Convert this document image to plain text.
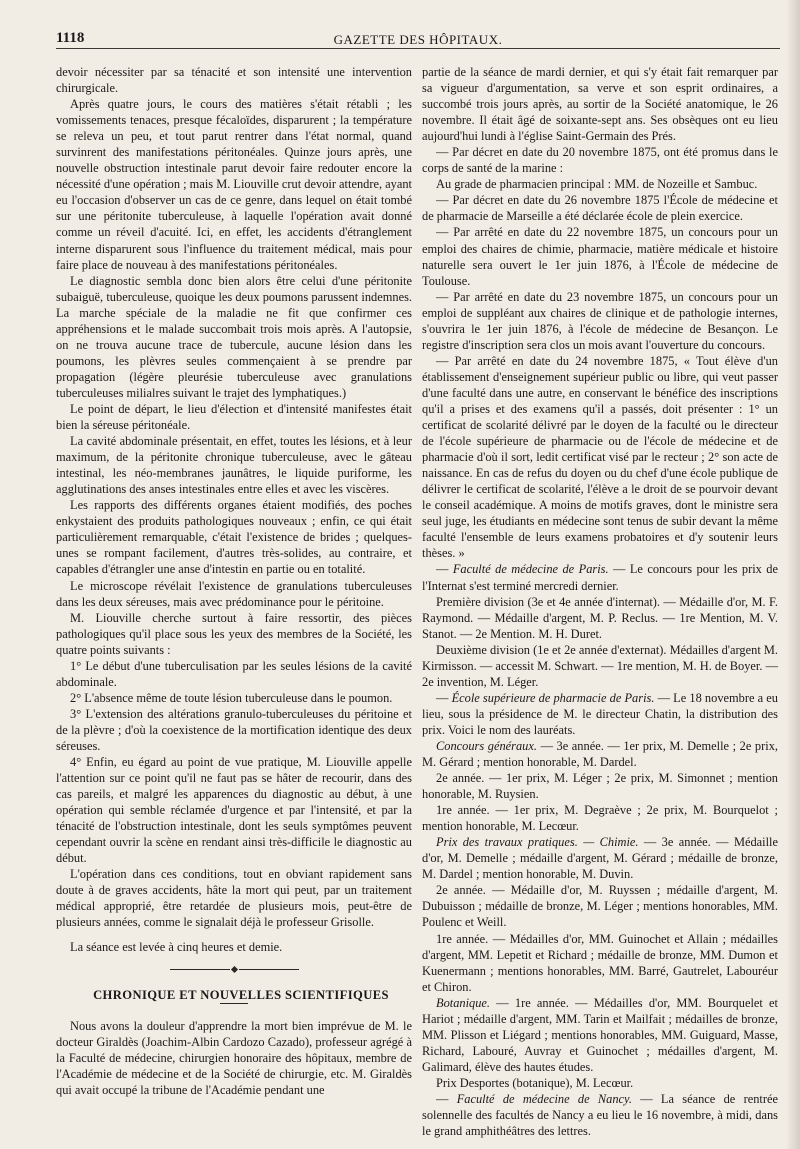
1118	GAZETTE DES HÔPITAUX.

devoir nécessiter par sa ténacité et son intensité une intervention chirurgicale.

Après quatre jours, le cours des matières s'était rétabli ; les vomissements tenaces, presque fécaloïdes, disparurent ; la température se releva un peu, et tout parut rentrer dans l'état normal, quand survinrent des manifestations péritonéales. Quinze jours après, une nouvelle obstruction intestinale parut devoir faire redouter encore la nécessité d'une opération ; mais M. Liouville crut devoir attendre, ayant eu l'occasion d'observer un cas de ce genre, dans lequel on était tombé sur une péritonite tuberculeuse, à laquelle l'opération avait donné comme un réveil d'acuité. Ici, en effet, les accidents d'étranglement interne disparurent sous l'influence du traitement médical, mais pour faire place de nouveau à des manifestations péritonéales.

Le diagnostic sembla donc bien alors être celui d'une péritonite subaiguë, tuberculeuse, quoique les deux poumons parussent indemnes. La marche spéciale de la maladie ne fit que confirmer ces appréhensions et le malade succombait trois mois après. A l'autopsie, on ne trouva aucune trace de tubercule, aucune lésion dans les poumons, les plèvres seules commençaient à se prendre par propagation (légère pleurésie tuberculeuse avec granulations tuberculeuses milialres suivant le trajet des lymphatiques.)

Le point de départ, le lieu d'élection et d'intensité manifestes était bien la séreuse péritonéale.

La cavité abdominale présentait, en effet, toutes les lésions, et à leur maximum, de la péritonite chronique tuberculeuse, avec le gâteau intestinal, les néo-membranes jaunâtres, le liquide puriforme, les agglutinations des anses intestinales entre elles et avec les viscères.

Les rapports des différents organes étaient modifiés, des poches enkystaient des produits pathologiques nouveaux ; enfin, ce qui était particulièrement remarquable, c'était l'existence de brides ; quelques-unes se rompant facilement, d'autres très-solides, au contraire, et capables d'étrangler une anse d'intestin en partie ou en totalité.

Le microscope révélait l'existence de granulations tuberculeuses dans les deux séreuses, mais avec prédominance pour le péritoine.

M. Liouville cherche surtout à faire ressortir, des pièces pathologiques qu'il place sous les yeux des membres de la Société, les quatre points suivants :

1° Le début d'une tuberculisation par les seules lésions de la cavité abdominale.

2° L'absence même de toute lésion tuberculeuse dans le poumon.

3° L'extension des altérations granulo-tuberculeuses du péritoine et de la plèvre ; d'où la coexistence de la mortification identique des deux séreuses.

4° Enfin, eu égard au point de vue pratique, M. Liouville appelle l'attention sur ce point qu'il ne faut pas se hâter de recourir, dans des cas pareils, et malgré les apparences du diagnostic au début, à une opération qui semble réclamée d'urgence et par l'intensité, et par la ténacité de l'obstruction intestinale, dont les seuls symptômes peuvent cependant ouvrir la scène en rendant ainsi très-difficile le diagnostic au début.

L'opération dans ces conditions, tout en obviant rapidement sans doute à de graves accidents, hâte la mort qui peut, par un traitement médical approprié, être retardée de plusieurs mois, peut-être de plusieurs années, comme le signalait déjà le professeur Grisolle.

La séance est levée à cinq heures et demie.

CHRONIQUE ET NOUVELLES SCIENTIFIQUES

Nous avons la douleur d'apprendre la mort bien imprévue de M. le docteur Giraldès (Joachim-Albin Cardozo Cazado), professeur agrégé à la Faculté de médecine, chirurgien honoraire des hôpitaux, membre de l'Académie de médecine et de la Société de chirurgie, etc. M. Giraldès qui avait occupé la tribune de l'Académie pendant une

partie de la séance de mardi dernier, et qui s'y était fait remarquer par sa vigueur d'argumentation, sa verve et son esprit ordinaires, a succombé trois jours après, au sortir de la Société anatomique, le 26 novembre. Il était âgé de soixante-sept ans. Ses obsèques ont eu lieu aujourd'hui lundi à l'église Saint-Germain des Prés.

— Par décret en date du 20 novembre 1875, ont été promus dans le corps de santé de la marine :

Au grade de pharmacien principal : MM. de Nozeille et Sambuc.

— Par décret en date du 26 novembre 1875 l'École de médecine et de pharmacie de Marseille a été déclarée école de plein exercice.

— Par arrêté en date du 22 novembre 1875, un concours pour un emploi des chaires de chimie, pharmacie, matière médicale et histoire naturelle sera ouvert le 1er juin 1876, à l'École de médecine de Toulouse.

— Par arrêté en date du 23 novembre 1875, un concours pour un emploi de suppléant aux chaires de clinique et de pathologie internes, s'ouvrira le 1er juin 1876, à l'école de médecine de Besançon. Le registre d'inscription sera clos un mois avant l'ouverture du concours.

— Par arrêté en date du 24 novembre 1875, « Tout élève d'un établissement d'enseignement supérieur public ou libre, qui veut passer d'une faculté dans une autre, en conservant le bénéfice des inscriptions qu'il a prises et des examens qu'il a passés, doit présenter : 1° un certificat de scolarité délivré par le doyen de la faculté ou le directeur de l'école supérieure de pharmacie ou de l'école de médecine et de pharmacie d'où il sort, ledit certificat visé par le recteur ; 2° son acte de naissance. En cas de refus du doyen ou du chef d'une école publique de délivrer le certificat de scolarité, l'élève a le droit de se pourvoir devant le conseil académique. A moins de motifs graves, dont le ministre sera seul juge, les étudiants en médecine sont tenus de subir devant la même faculté l'ensemble de leurs examens probatoires et d'y soutenir leurs thèses. »

— Faculté de médecine de Paris. — Le concours pour les prix de l'Internat s'est terminé mercredi dernier.

Première division (3e et 4e année d'internat). — Médaille d'or, M. F. Raymond. — Médaille d'argent, M. P. Reclus. — 1re Mention, M. V. Stanot. — 2e Mention. M. H. Duret.

Deuxième division (1e et 2e année d'externat). Médailles d'argent M. Kirmisson. — accessit M. Schwart. — 1re mention, M. H. de Boyer. — 2e invention, M. Léger.

— École supérieure de pharmacie de Paris. — Le 18 novembre a eu lieu, sous la présidence de M. le directeur Chatin, la distribution des prix. Voici le nom des lauréats.

Concours généraux. — 3e année. — 1er prix, M. Demelle ; 2e prix, M. Gérard ; mention honorable, M. Dardel.

2e année. — 1er prix, M. Léger ; 2e prix, M. Simonnet ; mention honorable, M. Ruysien.

1re année. — 1er prix, M. Degraève ; 2e prix, M. Bourquelot ; mention honorable, M. Lecœur.

Prix des travaux pratiques. — Chimie. — 3e année. — Médaille d'or, M. Demelle ; médaille d'argent, M. Gérard ; médaille de bronze, M. Dardel ; mention honorable, M. Duvin.

2e année. — Médaille d'or, M. Ruyssen ; médaille d'argent, M. Dubuisson ; médaille de bronze, M. Léger ; mentions honorables, MM. Poulenc et Weill.

1re année. — Médailles d'or, MM. Guinochet et Allain ; médailles d'argent, MM. Lepetit et Richard ; médaille de bronze, MM. Dumon et Kuenermann ; mentions honorables, MM. Barré, Gautrelet, Labouréur et Chiron.

Botanique. — 1re année. — Médailles d'or, MM. Bourquelet et Hariot ; médaille d'argent, MM. Tarin et Mailfait ; médailles de bronze, MM. Plisson et Liégard ; mentions honorables, MM. Guiguard, Masse, Richard, Labouré, Auvray et Guinochet ; médailles d'argent, M. Galimard, élève des hautes études.

Prix Desportes (botanique), M. Lecœur.

— Faculté de médecine de Nancy. — La séance de rentrée solennelle des facultés de Nancy a eu lieu le 16 novembre, à midi, dans le grand amphithéâtres des lettres.
